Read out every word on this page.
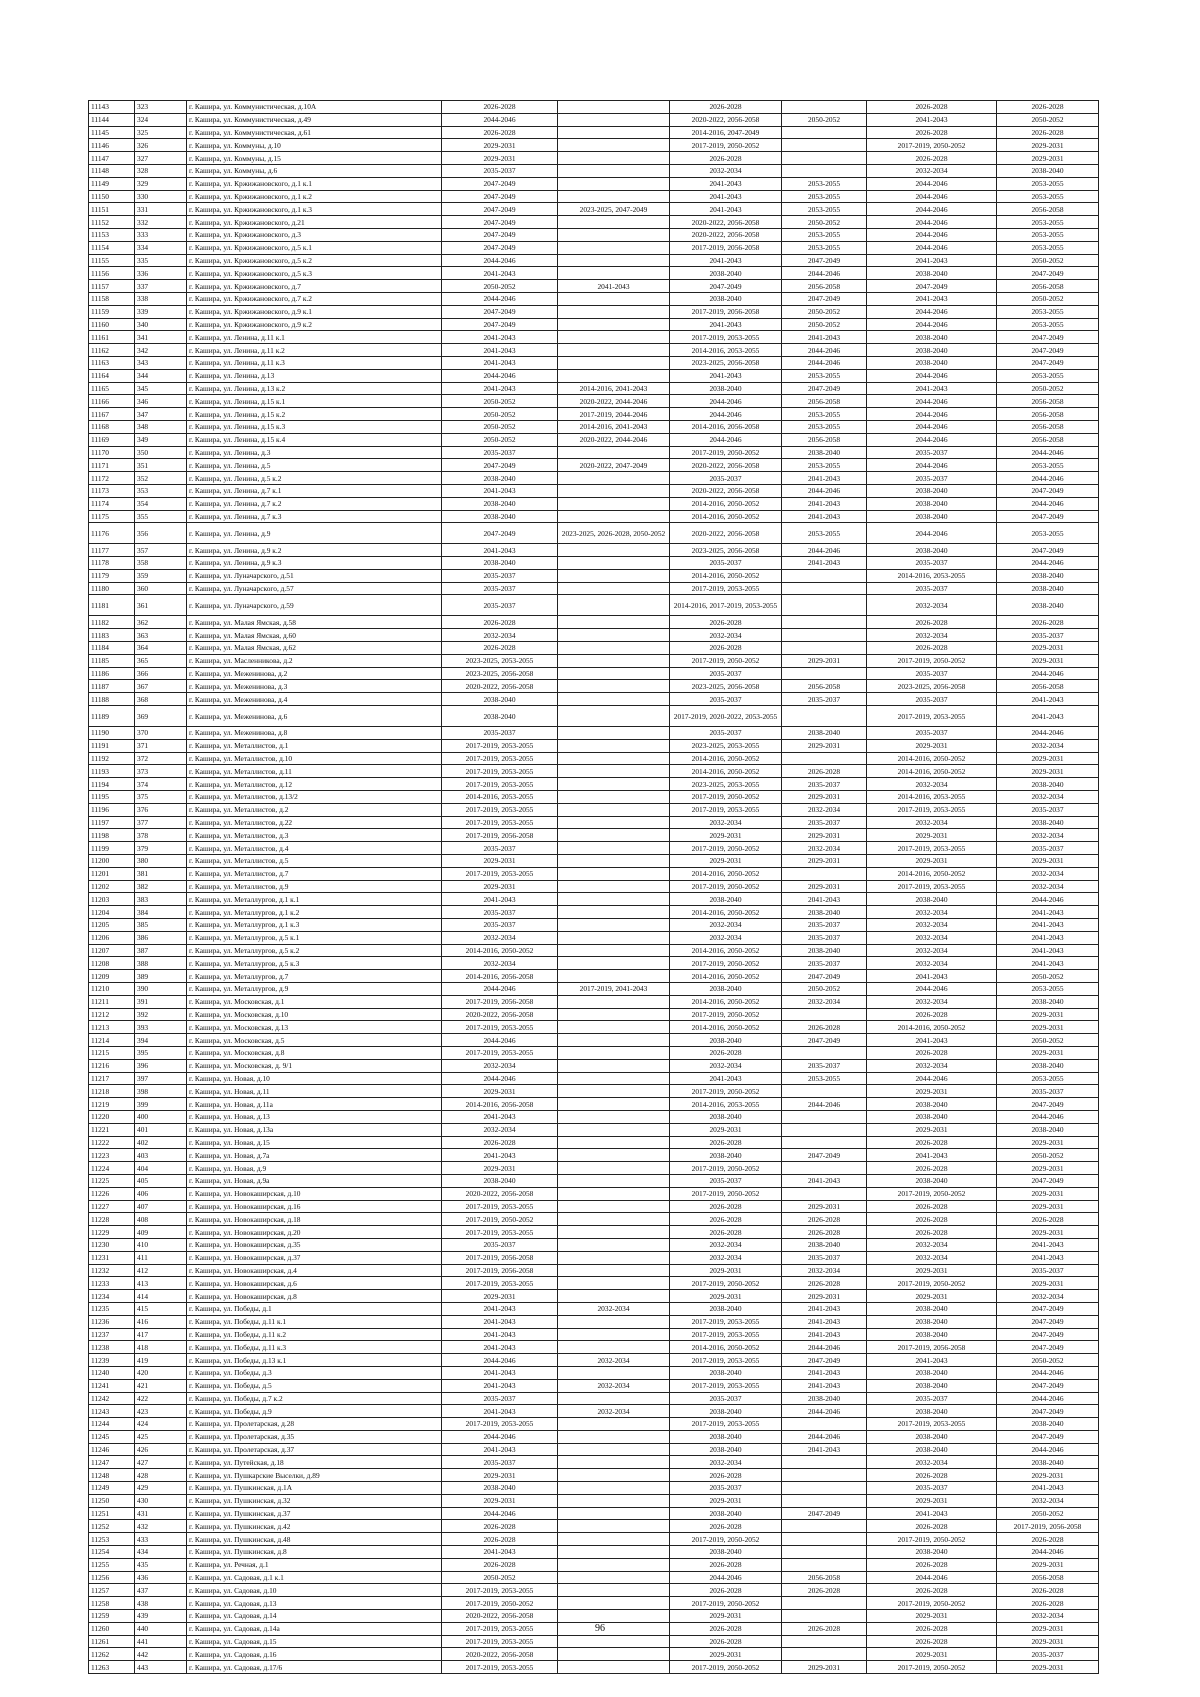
11143	323	г. Кашира, ул. Коммунистическая, д.10А	2026-2028		2026-2028		2026-2028	2026-2028
11144	324	г. Кашира, ул. Коммунистическая, д.49	2044-2046		2020-2022, 2056-2058	2050-2052	2041-2043	2050-2052
11145	325	г. Кашира, ул. Коммунистическая, д.61	2026-2028		2014-2016, 2047-2049		2026-2028	2026-2028
11146	326	г. Кашира, ул. Коммуны, д.10	2029-2031		2017-2019, 2050-2052		2017-2019, 2050-2052	2029-2031
11147	327	г. Кашира, ул. Коммуны, д.15	2029-2031		2026-2028		2026-2028	2029-2031
11148	328	г. Кашира, ул. Коммуны, д.6	2035-2037		2032-2034		2032-2034	2038-2040
11149	329	г. Кашира, ул. Кржижановского, д.1 к.1	2047-2049		2041-2043	2053-2055	2044-2046	2053-2055
11150	330	г. Кашира, ул. Кржижановского, д.1 к.2	2047-2049		2041-2043	2053-2055	2044-2046	2053-2055
11151	331	г. Кашира, ул. Кржижановского, д.1 к.3	2047-2049	2023-2025, 2047-2049	2041-2043	2053-2055	2044-2046	2056-2058
11152	332	г. Кашира, ул. Кржижановского, д.21	2047-2049		2020-2022, 2056-2058	2050-2052	2044-2046	2053-2055
11153	333	г. Кашира, ул. Кржижановского, д.3	2047-2049		2020-2022, 2056-2058	2053-2055	2044-2046	2053-2055
11154	334	г. Кашира, ул. Кржижановского, д.5 к.1	2047-2049		2017-2019, 2056-2058	2053-2055	2044-2046	2053-2055
11155	335	г. Кашира, ул. Кржижановского, д.5 к.2	2044-2046		2041-2043	2047-2049	2041-2043	2050-2052
11156	336	г. Кашира, ул. Кржижановского, д.5 к.3	2041-2043		2038-2040	2044-2046	2038-2040	2047-2049
11157	337	г. Кашира, ул. Кржижановского, д.7	2050-2052	2041-2043	2047-2049	2056-2058	2047-2049	2056-2058
11158	338	г. Кашира, ул. Кржижановского, д.7 к.2	2044-2046		2038-2040	2047-2049	2041-2043	2050-2052
11159	339	г. Кашира, ул. Кржижановского, д.9 к.1	2047-2049		2017-2019, 2056-2058	2050-2052	2044-2046	2053-2055
11160	340	г. Кашира, ул. Кржижановского, д.9 к.2	2047-2049		2041-2043	2050-2052	2044-2046	2053-2055
11161	341	г. Кашира, ул. Ленина, д.11 к.1	2041-2043		2017-2019, 2053-2055	2041-2043	2038-2040	2047-2049
11162	342	г. Кашира, ул. Ленина, д.11 к.2	2041-2043		2014-2016, 2053-2055	2044-2046	2038-2040	2047-2049
11163	343	г. Кашира, ул. Ленина, д.11 к.3	2041-2043		2023-2025, 2056-2058	2044-2046	2038-2040	2047-2049
11164	344	г. Кашира, ул. Ленина, д.13	2044-2046		2041-2043	2053-2055	2044-2046	2053-2055
11165	345	г. Кашира, ул. Ленина, д.13 к.2	2041-2043	2014-2016, 2041-2043	2038-2040	2047-2049	2041-2043	2050-2052
11166	346	г. Кашира, ул. Ленина, д.15 к.1	2050-2052	2020-2022, 2044-2046	2044-2046	2056-2058	2044-2046	2056-2058
11167	347	г. Кашира, ул. Ленина, д.15 к.2	2050-2052	2017-2019, 2044-2046	2044-2046	2053-2055	2044-2046	2056-2058
11168	348	г. Кашира, ул. Ленина, д.15 к.3	2050-2052	2014-2016, 2041-2043	2014-2016, 2056-2058	2053-2055	2044-2046	2056-2058
11169	349	г. Кашира, ул. Ленина, д.15 к.4	2050-2052	2020-2022, 2044-2046	2044-2046	2056-2058	2044-2046	2056-2058
11170	350	г. Кашира, ул. Ленина, д.3	2035-2037		2017-2019, 2050-2052	2038-2040	2035-2037	2044-2046
11171	351	г. Кашира, ул. Ленина, д.5	2047-2049	2020-2022, 2047-2049	2020-2022, 2056-2058	2053-2055	2044-2046	2053-2055
11172	352	г. Кашира, ул. Ленина, д.5 к.2	2038-2040		2035-2037	2041-2043	2035-2037	2044-2046
11173	353	г. Кашира, ул. Ленина, д.7 к.1	2041-2043		2020-2022, 2056-2058	2044-2046	2038-2040	2047-2049
11174	354	г. Кашира, ул. Ленина, д.7 к.2	2038-2040		2014-2016, 2050-2052	2041-2043	2038-2040	2044-2046
11175	355	г. Кашира, ул. Ленина, д.7 к.3	2038-2040		2014-2016, 2050-2052	2041-2043	2038-2040	2047-2049
11176	356	г. Кашира, ул. Ленина, д.9	2047-2049	2023-2025, 2026-2028, 2050-2052	2020-2022, 2056-2058	2053-2055	2044-2046	2053-2055
11177	357	г. Кашира, ул. Ленина, д.9 к.2	2041-2043		2023-2025, 2056-2058	2044-2046	2038-2040	2047-2049
11178	358	г. Кашира, ул. Ленина, д.9 к.3	2038-2040		2035-2037	2041-2043	2035-2037	2044-2046
11179	359	г. Кашира, ул. Луначарского, д.51	2035-2037		2014-2016, 2050-2052		2014-2016, 2053-2055	2038-2040
11180	360	г. Кашира, ул. Луначарского, д.57	2035-2037		2017-2019, 2053-2055		2035-2037	2038-2040
11181	361	г. Кашира, ул. Луначарского, д.59	2035-2037		2014-2016, 2017-2019, 2053-2055		2032-2034	2038-2040
11182	362	г. Кашира, ул. Малая Ямская, д.58	2026-2028		2026-2028		2026-2028	2026-2028
11183	363	г. Кашира, ул. Малая Ямская, д.60	2032-2034		2032-2034		2032-2034	2035-2037
11184	364	г. Кашира, ул. Малая Ямская, д.62	2026-2028		2026-2028		2026-2028	2029-2031
11185	365	г. Кашира, ул. Масленникова, д.2	2023-2025, 2053-2055		2017-2019, 2050-2052	2029-2031	2017-2019, 2050-2052	2029-2031
11186	366	г. Кашира, ул. Меженинова, д.2	2023-2025, 2056-2058		2035-2037		2035-2037	2044-2046
11187	367	г. Кашира, ул. Меженинова, д.3	2020-2022, 2056-2058		2023-2025, 2056-2058	2056-2058	2023-2025, 2056-2058	2056-2058
11188	368	г. Кашира, ул. Меженинова, д.4	2038-2040		2035-2037	2035-2037	2035-2037	2041-2043
11189	369	г. Кашира, ул. Меженинова, д.6	2038-2040		2017-2019, 2020-2022, 2053-2055		2017-2019, 2053-2055	2041-2043
11190	370	г. Кашира, ул. Меженинова, д.8	2035-2037		2035-2037	2038-2040	2035-2037	2044-2046
11191	371	г. Кашира, ул. Металлистов, д.1	2017-2019, 2053-2055		2023-2025, 2053-2055	2029-2031	2029-2031	2032-2034
11192	372	г. Кашира, ул. Металлистов, д.10	2017-2019, 2053-2055		2014-2016, 2050-2052		2014-2016, 2050-2052	2029-2031
11193	373	г. Кашира, ул. Металлистов, д.11	2017-2019, 2053-2055		2014-2016, 2050-2052	2026-2028	2014-2016, 2050-2052	2029-2031
11194	374	г. Кашира, ул. Металлистов, д.12	2017-2019, 2053-2055		2023-2025, 2053-2055	2035-2037	2032-2034	2038-2040
11195	375	г. Кашира, ул. Металлистов, д.13/2	2014-2016, 2053-2055		2017-2019, 2050-2052	2029-2031	2014-2016, 2053-2055	2032-2034
11196	376	г. Кашира, ул. Металлистов, д.2	2017-2019, 2053-2055		2017-2019, 2053-2055	2032-2034	2017-2019, 2053-2055	2035-2037
11197	377	г. Кашира, ул. Металлистов, д.22	2017-2019, 2053-2055		2032-2034	2035-2037	2032-2034	2038-2040
11198	378	г. Кашира, ул. Металлистов, д.3	2017-2019, 2056-2058		2029-2031	2029-2031	2029-2031	2032-2034
11199	379	г. Кашира, ул. Металлистов, д.4	2035-2037		2017-2019, 2050-2052	2032-2034	2017-2019, 2053-2055	2035-2037
11200	380	г. Кашира, ул. Металлистов, д.5	2029-2031		2029-2031	2029-2031	2029-2031	2029-2031
11201	381	г. Кашира, ул. Металлистов, д.7	2017-2019, 2053-2055		2014-2016, 2050-2052		2014-2016, 2050-2052	2032-2034
11202	382	г. Кашира, ул. Металлистов, д.9	2029-2031		2017-2019, 2050-2052	2029-2031	2017-2019, 2053-2055	2032-2034
11203	383	г. Кашира, ул. Металлургов, д.1 к.1	2041-2043		2038-2040	2041-2043	2038-2040	2044-2046
11204	384	г. Кашира, ул. Металлургов, д.1 к.2	2035-2037		2014-2016, 2050-2052	2038-2040	2032-2034	2041-2043
11205	385	г. Кашира, ул. Металлургов, д.1 к.3	2035-2037		2032-2034	2035-2037	2032-2034	2041-2043
11206	386	г. Кашира, ул. Металлургов, д.5 к.1	2032-2034		2032-2034	2035-2037	2032-2034	2041-2043
11207	387	г. Кашира, ул. Металлургов, д.5 к.2	2014-2016, 2050-2052		2014-2016, 2050-2052	2038-2040	2032-2034	2041-2043
11208	388	г. Кашира, ул. Металлургов, д.5 к.3	2032-2034		2017-2019, 2050-2052	2035-2037	2032-2034	2041-2043
11209	389	г. Кашира, ул. Металлургов, д.7	2014-2016, 2056-2058		2014-2016, 2050-2052	2047-2049	2041-2043	2050-2052
11210	390	г. Кашира, ул. Металлургов, д.9	2044-2046	2017-2019, 2041-2043	2038-2040	2050-2052	2044-2046	2053-2055
11211	391	г. Кашира, ул. Московская, д.1	2017-2019, 2056-2058		2014-2016, 2050-2052	2032-2034	2032-2034	2038-2040
11212	392	г. Кашира, ул. Московская, д.10	2020-2022, 2056-2058		2017-2019, 2050-2052		2026-2028	2029-2031
11213	393	г. Кашира, ул. Московская, д.13	2017-2019, 2053-2055		2014-2016, 2050-2052	2026-2028	2014-2016, 2050-2052	2029-2031
11214	394	г. Кашира, ул. Московская, д.5	2044-2046		2038-2040	2047-2049	2041-2043	2050-2052
11215	395	г. Кашира, ул. Московская, д.8	2017-2019, 2053-2055		2026-2028		2026-2028	2029-2031
11216	396	г. Кашира, ул. Московская, д. 9/1	2032-2034		2032-2034	2035-2037	2032-2034	2038-2040
11217	397	г. Кашира, ул. Новая, д.10	2044-2046		2041-2043	2053-2055	2044-2046	2053-2055
11218	398	г. Кашира, ул. Новая, д.11	2029-2031		2017-2019, 2050-2052		2029-2031	2035-2037
11219	399	г. Кашира, ул. Новая, д.11а	2014-2016, 2056-2058		2014-2016, 2053-2055	2044-2046	2038-2040	2047-2049
11220	400	г. Кашира, ул. Новая, д.13	2041-2043		2038-2040		2038-2040	2044-2046
11221	401	г. Кашира, ул. Новая, д.13а	2032-2034		2029-2031		2029-2031	2038-2040
11222	402	г. Кашира, ул. Новая, д.15	2026-2028		2026-2028		2026-2028	2029-2031
11223	403	г. Кашира, ул. Новая, д.7а	2041-2043		2038-2040	2047-2049	2041-2043	2050-2052
11224	404	г. Кашира, ул. Новая, д.9	2029-2031		2017-2019, 2050-2052		2026-2028	2029-2031
11225	405	г. Кашира, ул. Новая, д.9а	2038-2040		2035-2037	2041-2043	2038-2040	2047-2049
11226	406	г. Кашира, ул. Новокаширская, д.10	2020-2022, 2056-2058		2017-2019, 2050-2052		2017-2019, 2050-2052	2029-2031
11227	407	г. Кашира, ул. Новокаширская, д.16	2017-2019, 2053-2055		2026-2028	2029-2031	2026-2028	2029-2031
11228	408	г. Кашира, ул. Новокаширская, д.18	2017-2019, 2050-2052		2026-2028	2026-2028	2026-2028	2026-2028
11229	409	г. Кашира, ул. Новокаширская, д.20	2017-2019, 2053-2055		2026-2028	2026-2028	2026-2028	2029-2031
11230	410	г. Кашира, ул. Новокаширская, д.35	2035-2037		2032-2034	2038-2040	2032-2034	2041-2043
11231	411	г. Кашира, ул. Новокаширская, д.37	2017-2019, 2056-2058		2032-2034	2035-2037	2032-2034	2041-2043
11232	412	г. Кашира, ул. Новокаширская, д.4	2017-2019, 2056-2058		2029-2031	2032-2034	2029-2031	2035-2037
11233	413	г. Кашира, ул. Новокаширская, д.6	2017-2019, 2053-2055		2017-2019, 2050-2052	2026-2028	2017-2019, 2050-2052	2029-2031
11234	414	г. Кашира, ул. Новокаширская, д.8	2029-2031		2029-2031	2029-2031	2029-2031	2032-2034
11235	415	г. Кашира, ул. Победы, д.1	2041-2043	2032-2034	2038-2040	2041-2043	2038-2040	2047-2049
11236	416	г. Кашира, ул. Победы, д.11 к.1	2041-2043		2017-2019, 2053-2055	2041-2043	2038-2040	2047-2049
11237	417	г. Кашира, ул. Победы, д.11 к.2	2041-2043		2017-2019, 2053-2055	2041-2043	2038-2040	2047-2049
11238	418	г. Кашира, ул. Победы, д.11 к.3	2041-2043		2014-2016, 2050-2052	2044-2046	2017-2019, 2056-2058	2047-2049
11239	419	г. Кашира, ул. Победы, д.13 к.1	2044-2046	2032-2034	2017-2019, 2053-2055	2047-2049	2041-2043	2050-2052
11240	420	г. Кашира, ул. Победы, д.3	2041-2043		2038-2040	2041-2043	2038-2040	2044-2046
11241	421	г. Кашира, ул. Победы, д.5	2041-2043	2032-2034	2017-2019, 2053-2055	2041-2043	2038-2040	2047-2049
11242	422	г. Кашира, ул. Победы, д.7 к.2	2035-2037		2035-2037	2038-2040	2035-2037	2044-2046
11243	423	г. Кашира, ул. Победы, д.9	2041-2043	2032-2034	2038-2040	2044-2046	2038-2040	2047-2049
11244	424	г. Кашира, ул. Пролетарская, д.28	2017-2019, 2053-2055		2017-2019, 2053-2055		2017-2019, 2053-2055	2038-2040
11245	425	г. Кашира, ул. Пролетарская, д.35	2044-2046		2038-2040	2044-2046	2038-2040	2047-2049
11246	426	г. Кашира, ул. Пролетарская, д.37	2041-2043		2038-2040	2041-2043	2038-2040	2044-2046
11247	427	г. Кашира, ул. Путейская, д.18	2035-2037		2032-2034		2032-2034	2038-2040
11248	428	г. Кашира, ул. Пушкарские Выселки, д.89	2029-2031		2026-2028		2026-2028	2029-2031
11249	429	г. Кашира, ул. Пушкинская, д.1А	2038-2040		2035-2037		2035-2037	2041-2043
11250	430	г. Кашира, ул. Пушкинская, д.32	2029-2031		2029-2031		2029-2031	2032-2034
11251	431	г. Кашира, ул. Пушкинская, д.37	2044-2046		2038-2040	2047-2049	2041-2043	2050-2052
11252	432	г. Кашира, ул. Пушкинская, д.42	2026-2028		2026-2028		2026-2028	2017-2019, 2056-2058
11253	433	г. Кашира, ул. Пушкинская, д.48	2026-2028		2017-2019, 2050-2052		2017-2019, 2050-2052	2026-2028
11254	434	г. Кашира, ул. Пушкинская, д.8	2041-2043		2038-2040		2038-2040	2044-2046
11255	435	г. Кашира, ул. Речная, д.1	2026-2028		2026-2028		2026-2028	2029-2031
11256	436	г. Кашира, ул. Садовая, д.1 к.1	2050-2052		2044-2046	2056-2058	2044-2046	2056-2058
11257	437	г. Кашира, ул. Садовая, д.10	2017-2019, 2053-2055		2026-2028	2026-2028	2026-2028	2026-2028
11258	438	г. Кашира, ул. Садовая, д.13	2017-2019, 2050-2052		2017-2019, 2050-2052		2017-2019, 2050-2052	2026-2028
11259	439	г. Кашира, ул. Садовая, д.14	2020-2022, 2056-2058		2029-2031		2029-2031	2032-2034
11260	440	г. Кашира, ул. Садовая, д.14а	2017-2019, 2053-2055		2026-2028	2026-2028	2026-2028	2029-2031
11261	441	г. Кашира, ул. Садовая, д.15	2017-2019, 2053-2055		2026-2028		2026-2028	2029-2031
11262	442	г. Кашира, ул. Садовая, д.16	2020-2022, 2056-2058		2029-2031		2029-2031	2035-2037
11263	443	г. Кашира, ул. Садовая, д.17/6	2017-2019, 2053-2055		2017-2019, 2050-2052	2029-2031	2017-2019, 2050-2052	2029-2031
96
